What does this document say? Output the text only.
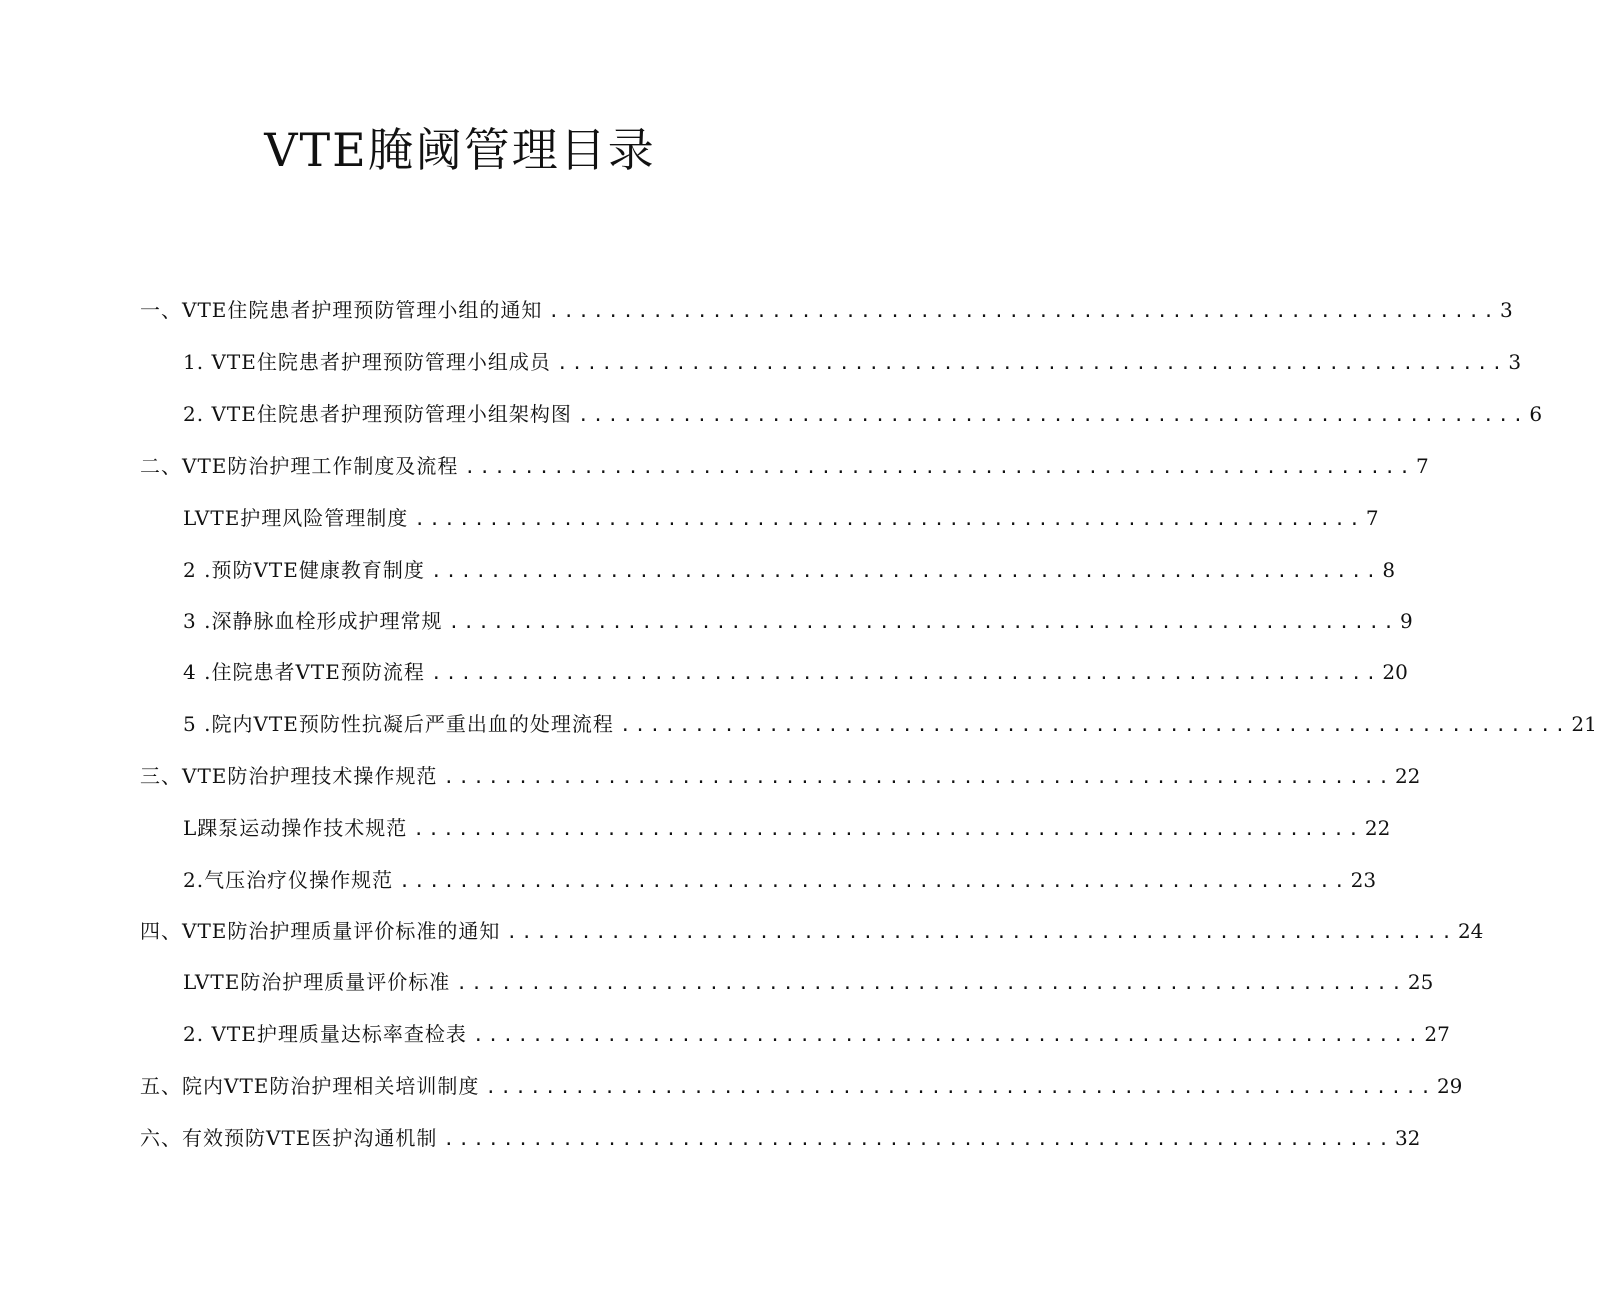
VTE腌阈管理目录
一、VTE住院患者护理预防管理小组的通知 ................................................................ 3
1. VTE住院患者护理预防管理小组成员 ................................................................ 3
2. VTE住院患者护理预防管理小组架构图 ................................................................ 6
二、VTE防治护理工作制度及流程 ................................................................ 7
LVTE护理风险管理制度 ................................................................ 7
2 .预防VTE健康教育制度 ................................................................ 8
3 .深静脉血栓形成护理常规 ................................................................ 9
4 .住院患者VTE预防流程 ................................................................ 20
5 .院内VTE预防性抗凝后严重出血的处理流程 ................................................................ 21
三、VTE防治护理技术操作规范 ................................................................ 22
L踝泵运动操作技术规范 ................................................................ 22
2.气压治疗仪操作规范 ................................................................ 23
四、VTE防治护理质量评价标准的通知 ................................................................ 24
LVTE防治护理质量评价标准 ................................................................ 25
2. VTE护理质量达标率查检表 ................................................................ 27
五、院内VTE防治护理相关培训制度 ................................................................ 29
六、有效预防VTE医护沟通机制 ................................................................ 32
